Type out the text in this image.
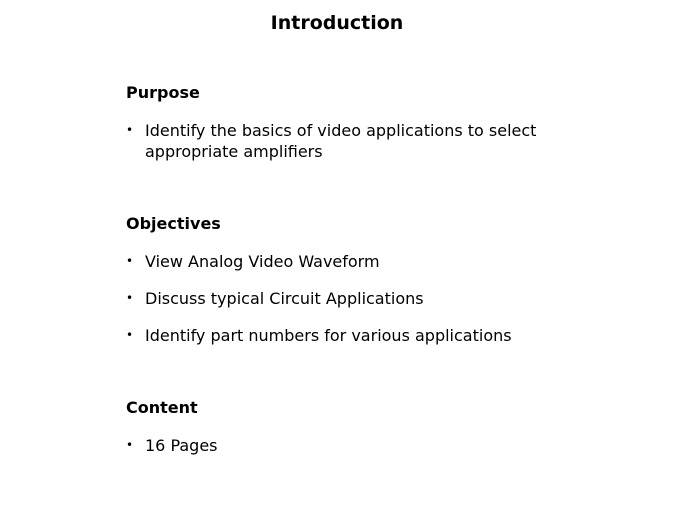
Introduction
Purpose
• Identify the basics of video applications to select appropriate amplifiers
Objectives
• View Analog Video Waveform
• Discuss typical Circuit Applications
• Identify part numbers for various applications
Content
• 16 Pages
